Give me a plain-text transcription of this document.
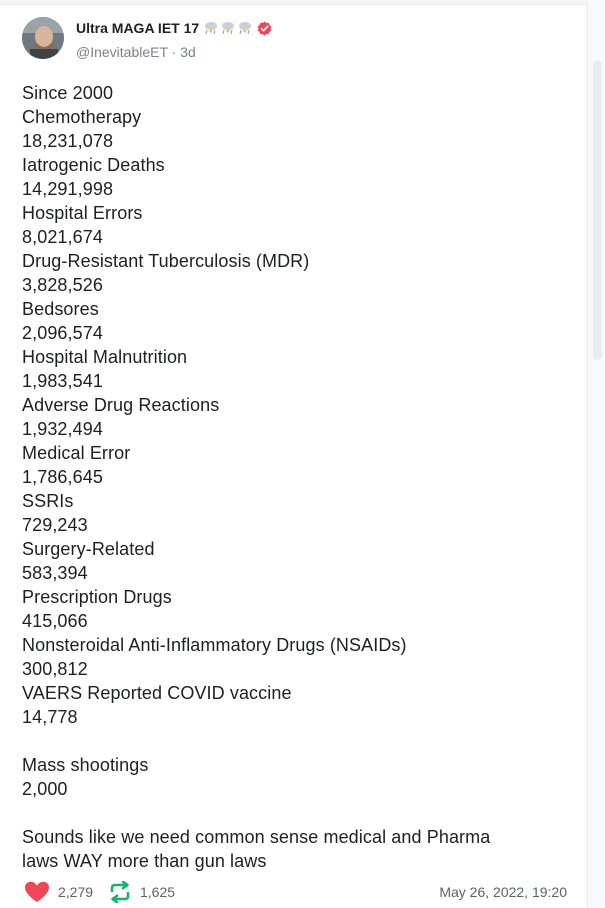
Ultra MAGA IET 17
@InevitableET · 3d
Since 2000
Chemotherapy
18,231,078
Iatrogenic Deaths
14,291,998
Hospital Errors
8,021,674
Drug-Resistant Tuberculosis (MDR)
3,828,526
Bedsores
2,096,574
Hospital Malnutrition
1,983,541
Adverse Drug Reactions
1,932,494
Medical Error
1,786,645
SSRIs
729,243
Surgery-Related
583,394
Prescription Drugs
415,066
Nonsteroidal Anti-Inflammatory Drugs (NSAIDs)
300,812
VAERS Reported COVID vaccine
14,778
Mass shootings
2,000
Sounds like we need common sense medical and Pharma
laws WAY more than gun laws
2,279	1,625	May 26, 2022, 19:20
